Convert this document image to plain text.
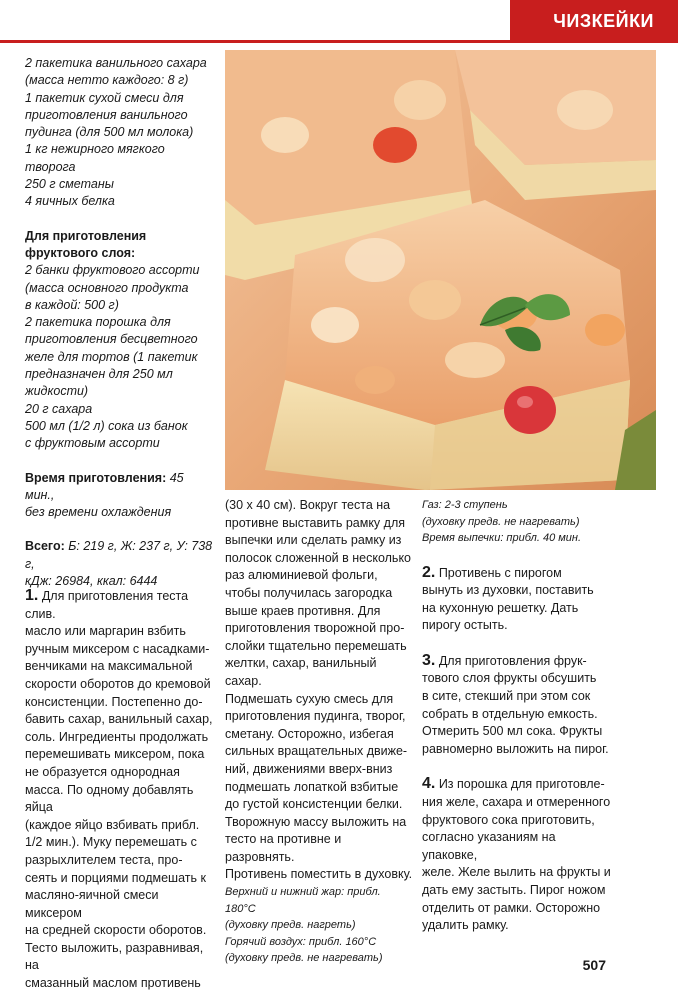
ЧИЗКЕЙКИ
2 пакетика ванильного сахара
(масса нетто каждого: 8 г)
1 пакетик сухой смеси для
приготовления ванильного
пудинга (для 500 мл молока)
1 кг нежирного мягкого творога
250 г сметаны
4 яичных белка
Для приготовления
фруктового слоя:
2 банки фруктового ассорти
(масса основного продукта
в каждой: 500 г)
2 пакетика порошка для
приготовления бесцветного
желе для тортов (1 пакетик
предназначен для 250 мл
жидкости)
20 г сахара
500 мл (1/2 л) сока из банок
с фруктовым ассорти
Время приготовления: 45 мин.,
без времени охлаждения
Всего: Б: 219 г, Ж: 237 г, У: 738 г,
кДж: 26984, ккал: 6444
1. Для приготовления теста слив.
масло или маргарин взбить
ручным миксером с насадками-
венчиками на максимальной
скорости оборотов до кремовой
консистенции. Постепенно до-
бавить сахар, ванильный сахар,
соль. Ингредиенты продолжать
перемешивать миксером, пока
не образуется однородная
масса. По одному добавлять яйца
(каждое яйцо взбивать прибл.
1/2 мин.). Муку перемешать с
разрыхлителем теста, про-
сеять и порциями подмешать к
масляно-яичной смеси миксером
на средней скорости оборотов.
Тесто выложить, разравнивая, на
смазанный маслом противень
(30 x 40 см). Вокруг теста на
противне выставить рамку для
выпечки или сделать рамку из
полосок сложенной в несколько
раз алюминиевой фольги,
чтобы получилась загородка
выше краев противня. Для
приготовления творожной про-
слойки тщательно перемешать
желтки, сахар, ванильный сахар.
Подмешать сухую смесь для
приготовления пудинга, творог,
сметану. Осторожно, избегая
сильных вращательных движе-
ний, движениями вверх-вниз
подмешать лопаткой взбитые
до густой консистенции белки.
Творожную массу выложить на
тесто на противне и разровнять.
Противень поместить в духовку.
Верхний и нижний жар: прибл. 180°C
(духовку предв. нагреть)
Горячий воздух: прибл. 160°C
(духовку предв. не нагревать)
Газ: 2-3 ступень
(духовку предв. не нагревать)
Время выпечки: прибл. 40 мин.
2. Противень с пирогом
вынуть из духовки, поставить
на кухонную решетку. Дать
пирогу остыть.
3. Для приготовления фрук-
тового слоя фрукты обсушить
в сите, стекший при этом сок
собрать в отдельную емкость.
Отмерить 500 мл сока. Фрукты
равномерно выложить на пирог.
4. Из порошка для приготовле-
ния желе, сахара и отмеренного
фруктового сока приготовить,
согласно указаниям на упаковке,
желе. Желе вылить на фрукты и
дать ему застыть. Пирог ножом
отделить от рамки. Осторожно
удалить рамку.
507
